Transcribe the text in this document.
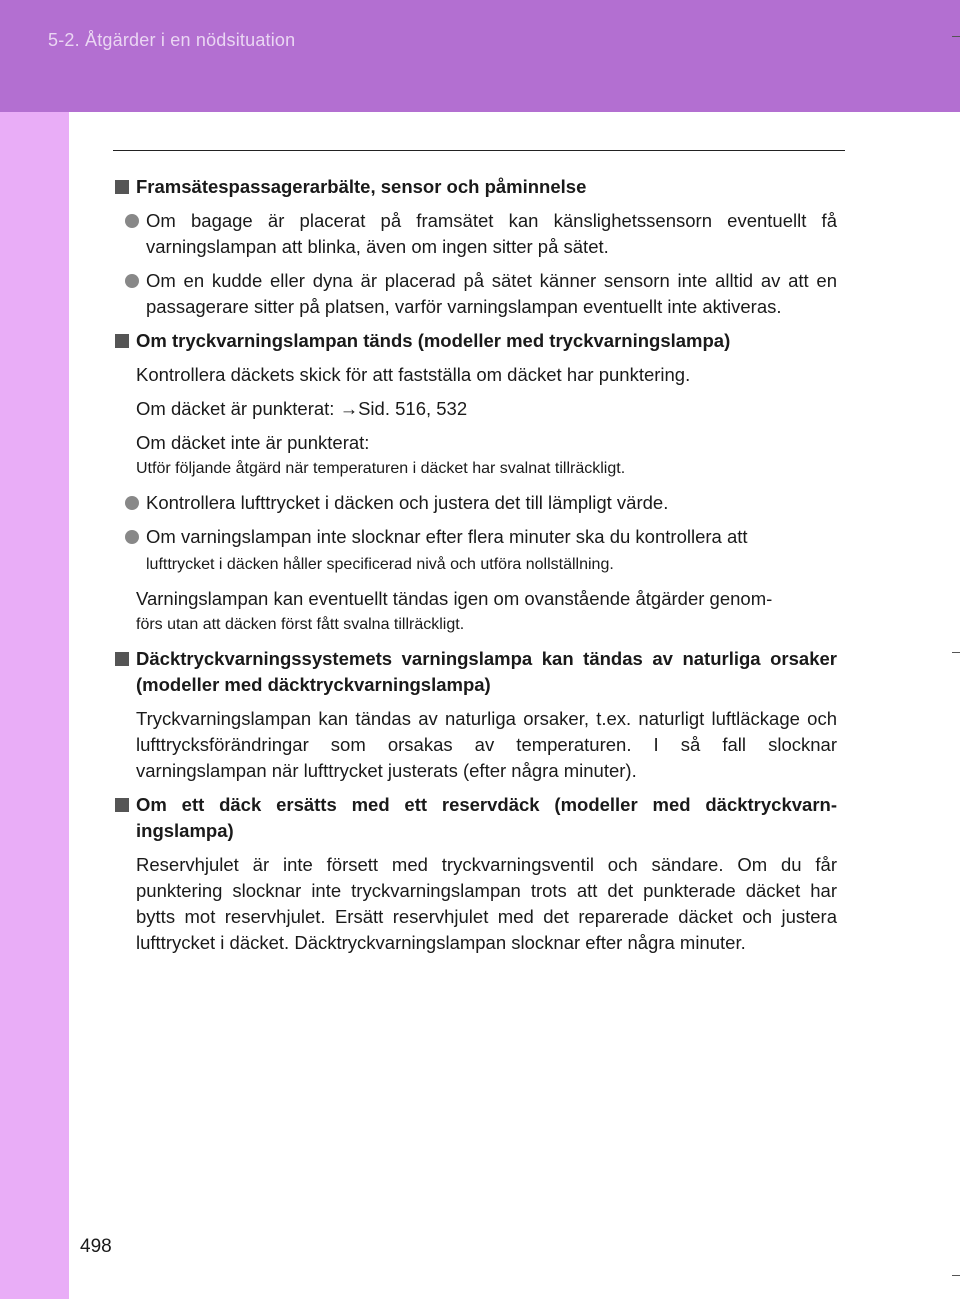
5-2. Åtgärder i en nödsituation
Framsätespassagerarbälte, sensor och påminnelse
Om bagage är placerat på framsätet kan känslighetssensorn eventuellt få varningslampan att blinka, även om ingen sitter på sätet.
Om en kudde eller dyna är placerad på sätet känner sensorn inte alltid av att en passagerare sitter på platsen, varför varningslampan eventuellt inte aktiveras.
Om tryckvarningslampan tänds (modeller med tryckvarningslampa)
Kontrollera däckets skick för att fastställa om däcket har punktering.
Om däcket är punkterat: →Sid. 516, 532
Om däcket inte är punkterat:
Utför följande åtgärd när temperaturen i däcket har svalnat tillräckligt.
Kontrollera lufttrycket i däcken och justera det till lämpligt värde.
Om varningslampan inte slocknar efter flera minuter ska du kontrollera att
lufttrycket i däcken håller specificerad nivå och utföra nollställning.
Varningslampan kan eventuellt tändas igen om ovanstående åtgärder genom-
förs utan att däcken först fått svalna tillräckligt.
Däcktryckvarningssystemets varningslampa kan tändas av naturliga orsaker (modeller med däcktryckvarningslampa)
Tryckvarningslampan kan tändas av naturliga orsaker, t.ex. naturligt luftläckage och lufttrycksförändringar som orsakas av temperaturen. I så fall slocknar varningslampan när lufttrycket justerats (efter några minuter).
Om ett däck ersätts med ett reservdäck (modeller med däcktryckvarn-ingslampa)
Reservhjulet är inte försett med tryckvarningsventil och sändare. Om du får punktering slocknar inte tryckvarningslampan trots att det punkterade däcket har bytts mot reservhjulet. Ersätt reservhjulet med det reparerade däcket och justera lufttrycket i däcket. Däcktryckvarningslampan slocknar efter några minuter.
498
